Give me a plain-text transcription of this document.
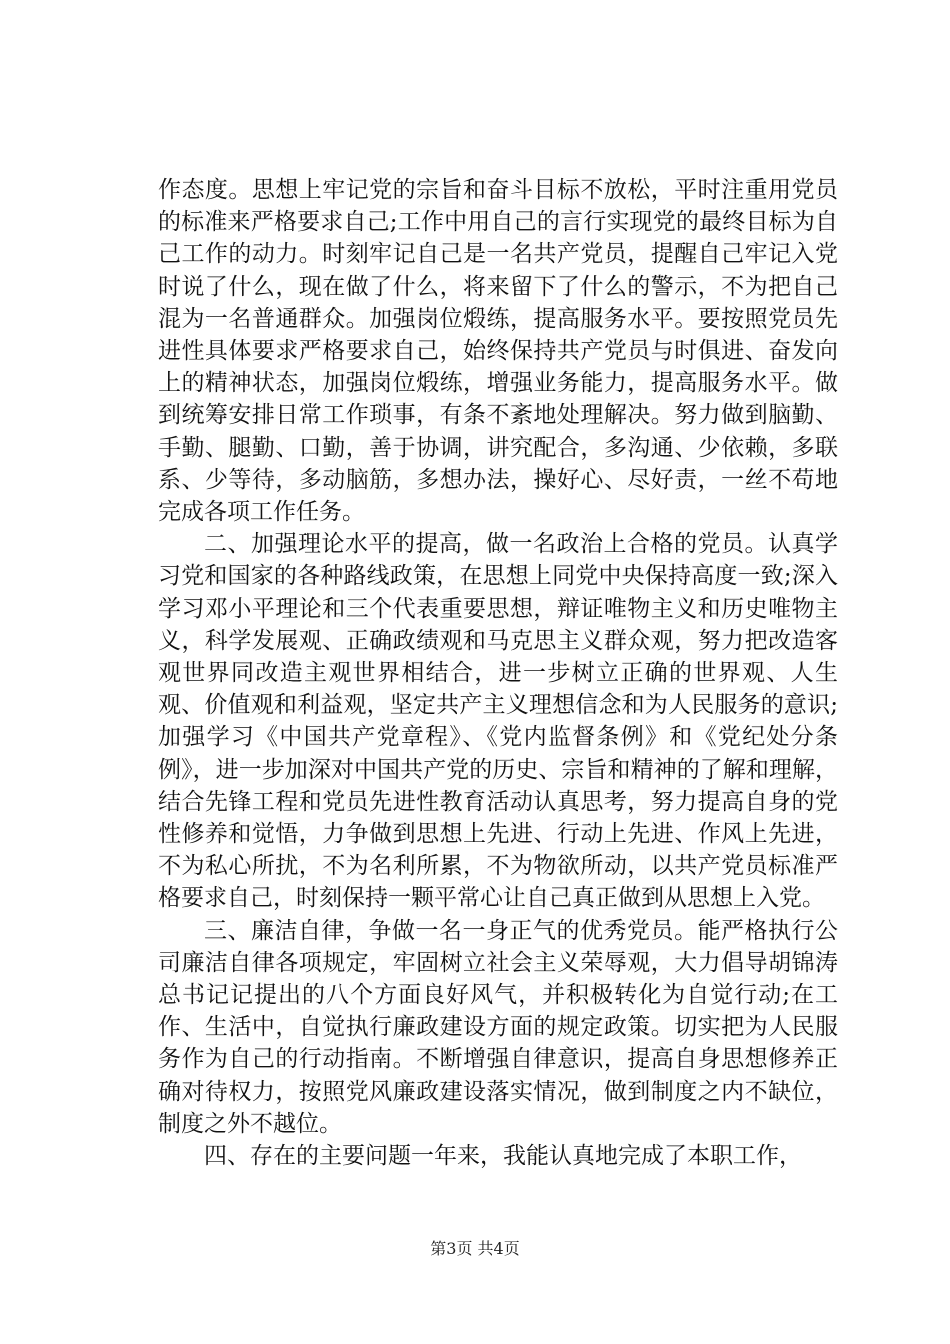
作态度。思想上牢记党的宗旨和奋斗目标不放松，平时注重用党员的标准来严格要求自己;工作中用自己的言行实现党的最终目标为自己工作的动力。时刻牢记自己是一名共产党员，提醒自己牢记入党时说了什么，现在做了什么，将来留下了什么的警示，不为把自己混为一名普通群众。加强岗位煅练，提高服务水平。要按照党员先进性具体要求严格要求自己，始终保持共产党员与时俱进、奋发向上的精神状态，加强岗位煅练，增强业务能力，提高服务水平。做到统筹安排日常工作琐事，有条不紊地处理解决。努力做到脑勤、手勤、腿勤、口勤，善于协调，讲究配合，多沟通、少依赖，多联系、少等待，多动脑筋，多想办法，操好心、尽好责，一丝不苟地完成各项工作任务。

二、加强理论水平的提高，做一名政治上合格的党员。认真学习党和国家的各种路线政策，在思想上同党中央保持高度一致;深入学习邓小平理论和三个代表重要思想，辩证唯物主义和历史唯物主义，科学发展观、正确政绩观和马克思主义群众观，努力把改造客观世界同改造主观世界相结合，进一步树立正确的世界观、人生观、价值观和利益观，坚定共产主义理想信念和为人民服务的意识;加强学习《中国共产党章程》、《党内监督条例》和《党纪处分条例》，进一步加深对中国共产党的历史、宗旨和精神的了解和理解，结合先锋工程和党员先进性教育活动认真思考，努力提高自身的党性修养和觉悟，力争做到思想上先进、行动上先进、作风上先进，不为私心所扰，不为名利所累，不为物欲所动，以共产党员标准严格要求自己，时刻保持一颗平常心让自己真正做到从思想上入党。

三、廉洁自律，争做一名一身正气的优秀党员。能严格执行公司廉洁自律各项规定，牢固树立社会主义荣辱观，大力倡导胡锦涛总书记记提出的八个方面良好风气，并积极转化为自觉行动;在工作、生活中，自觉执行廉政建设方面的规定政策。切实把为人民服务作为自己的行动指南。不断增强自律意识，提高自身思想修养正确对待权力，按照党风廉政建设落实情况，做到制度之内不缺位，制度之外不越位。

四、存在的主要问题一年来，我能认真地完成了本职工作，

第3页 共4页
